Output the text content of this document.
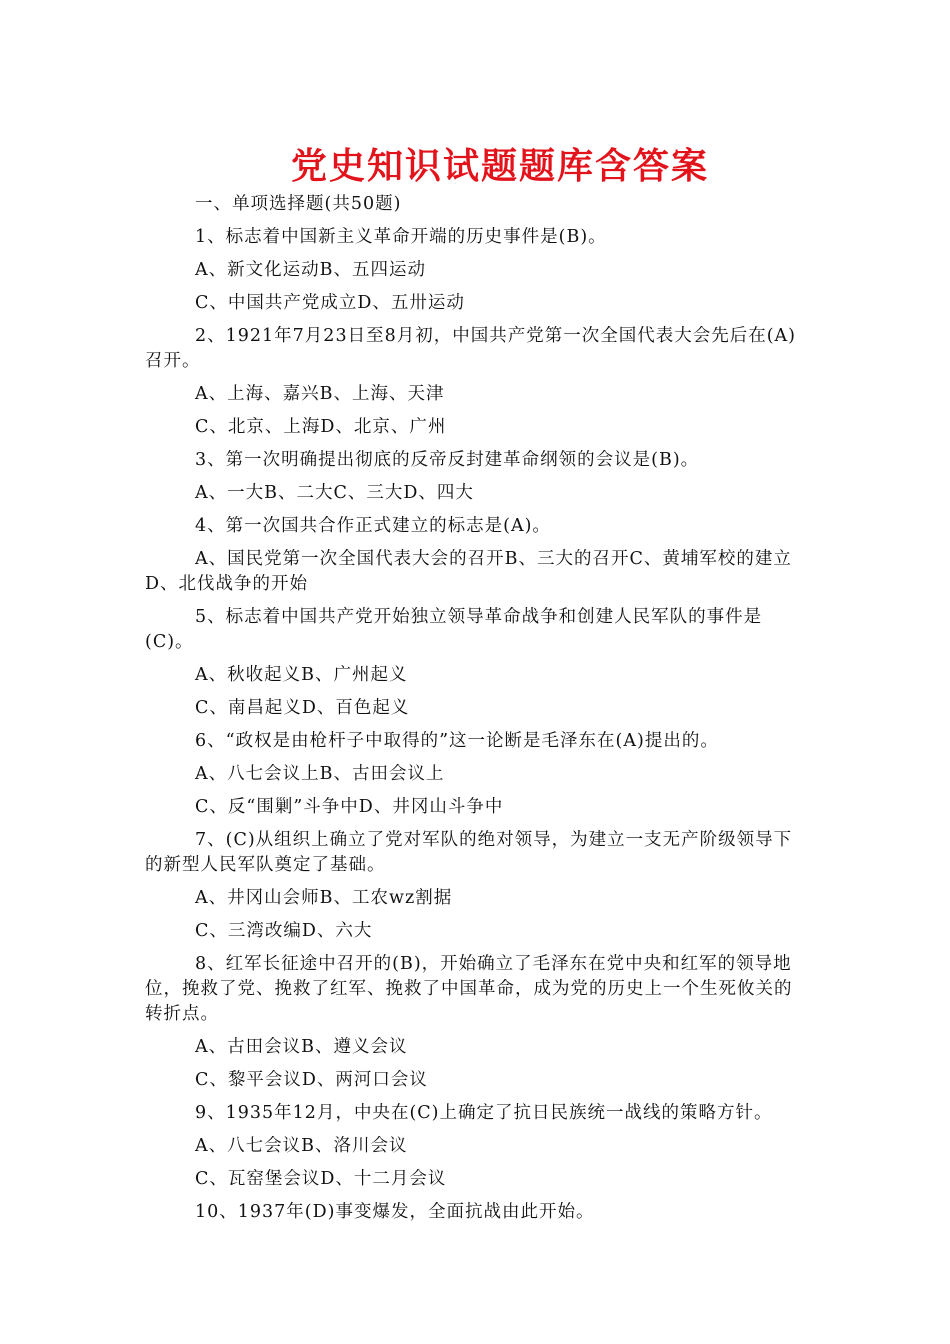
党史知识试题题库含答案

一、单项选择题(共50题)

1、标志着中国新主义革命开端的历史事件是(B)。

A、新文化运动B、五四运动

C、中国共产党成立D、五卅运动

2、1921年7月23日至8月初，中国共产党第一次全国代表大会先后在(A)召开。

A、上海、嘉兴B、上海、天津

C、北京、上海D、北京、广州

3、第一次明确提出彻底的反帝反封建革命纲领的会议是(B)。

A、一大B、二大C、三大D、四大

4、第一次国共合作正式建立的标志是(A)。

A、国民党第一次全国代表大会的召开B、三大的召开C、黄埔军校的建立D、北伐战争的开始

5、标志着中国共产党开始独立领导革命战争和创建人民军队的事件是(C)。

A、秋收起义B、广州起义

C、南昌起义D、百色起义

6、“政权是由枪杆子中取得的”这一论断是毛泽东在(A)提出的。

A、八七会议上B、古田会议上

C、反“围剿”斗争中D、井冈山斗争中

7、(C)从组织上确立了党对军队的绝对领导，为建立一支无产阶级领导下的新型人民军队奠定了基础。

A、井冈山会师B、工农wz割据

C、三湾改编D、六大

8、红军长征途中召开的(B)，开始确立了毛泽东在党中央和红军的领导地位，挽救了党、挽救了红军、挽救了中国革命，成为党的历史上一个生死攸关的转折点。

A、古田会议B、遵义会议

C、黎平会议D、两河口会议

9、1935年12月，中央在(C)上确定了抗日民族统一战线的策略方针。

A、八七会议B、洛川会议

C、瓦窑堡会议D、十二月会议

10、1937年(D)事变爆发，全面抗战由此开始。
